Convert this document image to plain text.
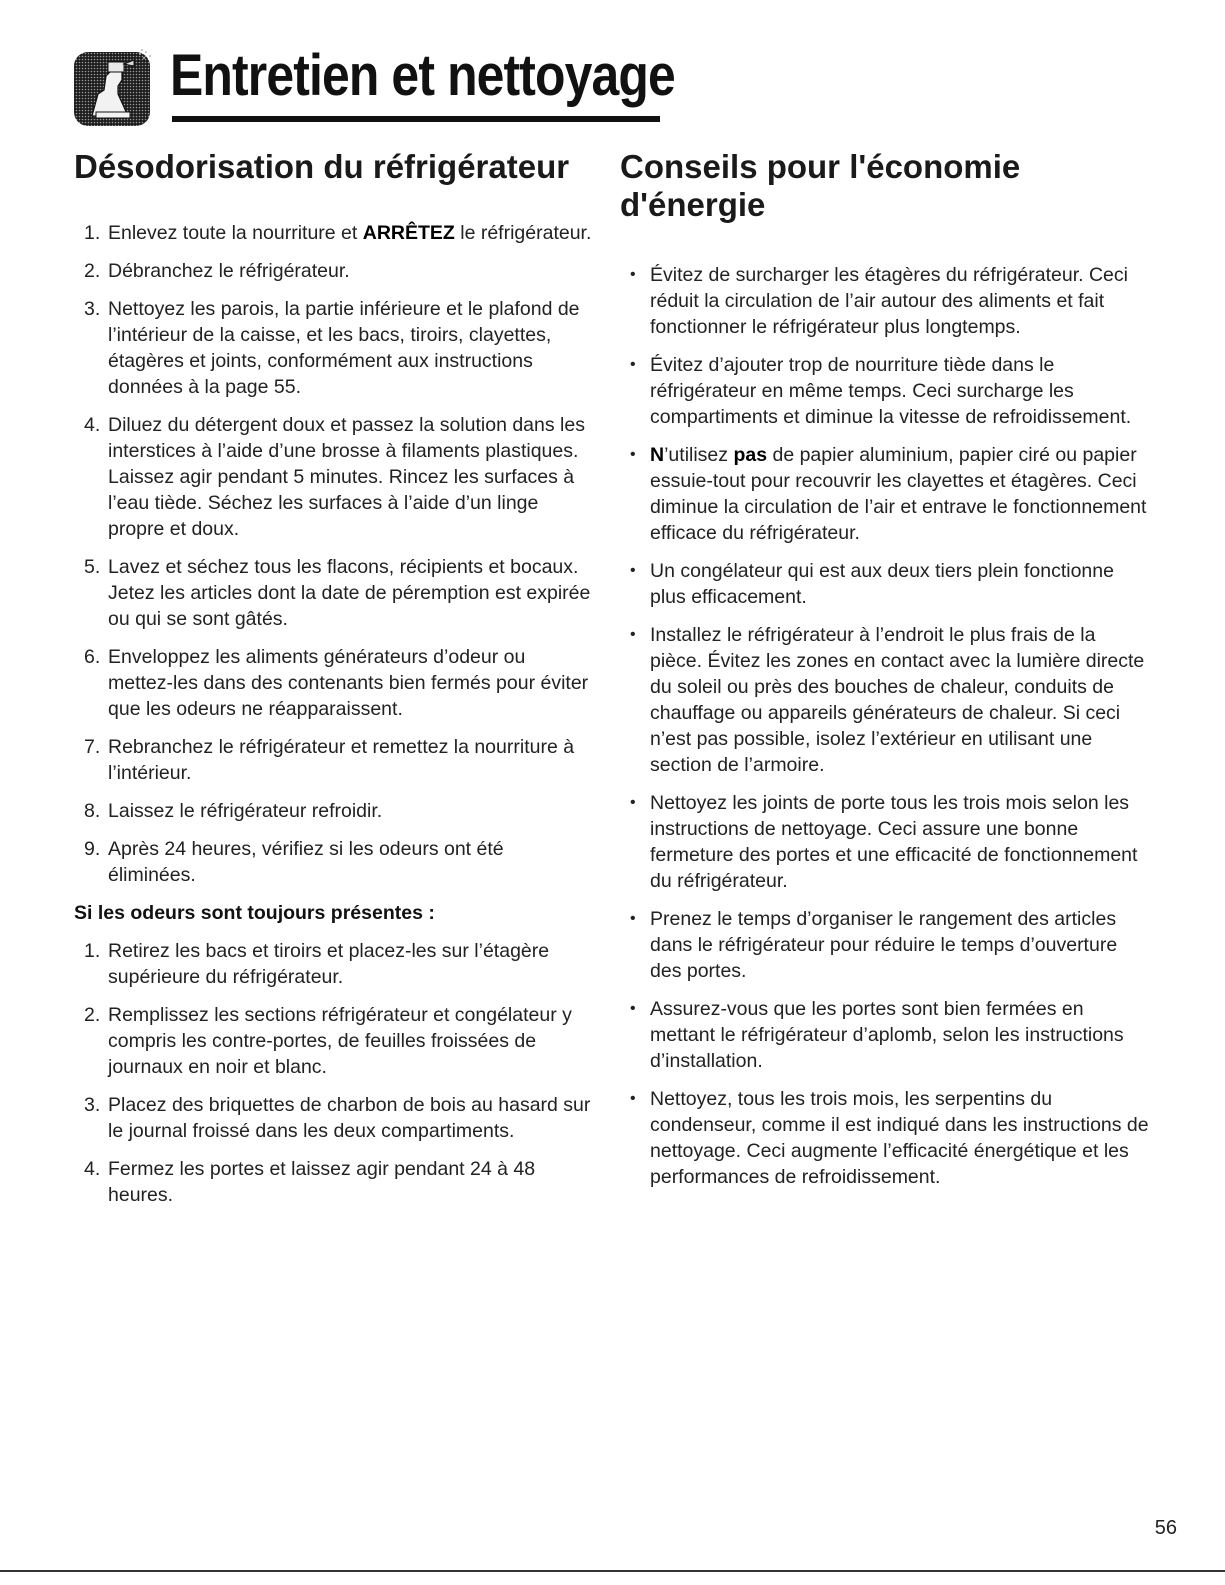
Entretien et nettoyage
Désodorisation du réfrigérateur
1. Enlevez toute la nourriture et ARRÊTEZ le réfrigérateur.
2. Débranchez le réfrigérateur.
3. Nettoyez les parois, la partie inférieure et le plafond de l’intérieur de la caisse, et les bacs, tiroirs, clayettes, étagères et joints, conformément aux instructions données à la page 55.
4. Diluez du détergent doux et passez la solution dans les interstices à l’aide d’une brosse à filaments plastiques. Laissez agir pendant 5 minutes. Rincez les surfaces à l’eau tiède. Séchez les surfaces à l’aide d’un linge propre et doux.
5. Lavez et séchez tous les flacons, récipients et bocaux. Jetez les articles dont la date de péremption est expirée ou qui se sont gâtés.
6. Enveloppez les aliments générateurs d’odeur ou mettez-les dans des contenants bien fermés pour éviter que les odeurs ne réapparaissent.
7. Rebranchez le réfrigérateur et remettez la nourriture à l’intérieur.
8. Laissez le réfrigérateur refroidir.
9. Après 24 heures, vérifiez si les odeurs ont été éliminées.
Si les odeurs sont toujours présentes :
1. Retirez les bacs et tiroirs et placez-les sur l’étagère supérieure du réfrigérateur.
2. Remplissez les sections réfrigérateur et congélateur y compris les contre-portes, de feuilles froissées de journaux en noir et blanc.
3. Placez des briquettes de charbon de bois au hasard sur le journal froissé dans les deux compartiments.
4. Fermez les portes et laissez agir pendant 24 à 48 heures.
Conseils pour l'économie d'énergie
• Évitez de surcharger les étagères du réfrigérateur. Ceci réduit la circulation de l’air autour des aliments et fait fonctionner le réfrigérateur plus longtemps.
• Évitez d’ajouter trop de nourriture tiède dans le réfrigérateur en même temps. Ceci surcharge les compartiments et diminue la vitesse de refroidissement.
• N’utilisez pas de papier aluminium, papier ciré ou papier essuie-tout pour recouvrir les clayettes et étagères. Ceci diminue la circulation de l’air et entrave le fonctionnement efficace du réfrigérateur.
• Un congélateur qui est aux deux tiers plein fonctionne plus efficacement.
• Installez le réfrigérateur à l’endroit le plus frais de la pièce. Évitez les zones en contact avec la lumière directe du soleil ou près des bouches de chaleur, conduits de chauffage ou appareils générateurs de chaleur. Si ceci n’est pas possible, isolez l’extérieur en utilisant une section de l’armoire.
• Nettoyez les joints de porte tous les trois mois selon les instructions de nettoyage. Ceci assure une bonne fermeture des portes et une efficacité de fonctionnement du réfrigérateur.
• Prenez le temps d’organiser le rangement des articles dans le réfrigérateur pour réduire le temps d’ouverture des portes.
• Assurez-vous que les portes sont bien fermées en mettant le réfrigérateur d’aplomb, selon les instructions d’installation.
• Nettoyez, tous les trois mois, les serpentins du condenseur, comme il est indiqué dans les instructions de nettoyage. Ceci augmente l’efficacité énergétique et les performances de refroidissement.
56
